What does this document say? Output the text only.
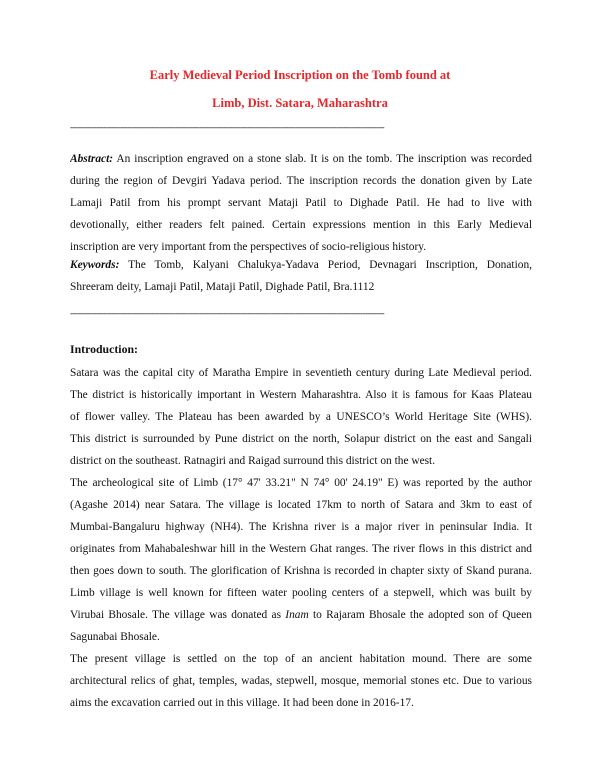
Early Medieval Period Inscription on the Tomb found at
Limb, Dist. Satara, Maharashtra
-----------------------------------------------------------------------------------------------------------------------------------
Abstract: An inscription engraved on a stone slab. It is on the tomb. The inscription was recorded
during the region of Devgiri Yadava period. The inscription records the donation given by Late
Lamaji Patil from his prompt servant Mataji Patil to Dighade Patil. He had to live with
devotionally, either readers felt pained. Certain expressions mention in this Early Medieval
inscription are very important from the perspectives of socio-religious history.
Keywords: The Tomb, Kalyani Chalukya-Yadava Period, Devnagari Inscription, Donation,
Shreeram deity, Lamaji Patil, Mataji Patil, Dighade Patil, Bra.1112
-----------------------------------------------------------------------------------------------------------------------------------
Introduction:
Satara was the capital city of Maratha Empire in seventieth century during Late Medieval period.
The district is historically important in Western Maharashtra. Also it is famous for Kaas Plateau
of flower valley. The Plateau has been awarded by a UNESCO’s World Heritage Site (WHS).
This district is surrounded by Pune district on the north, Solapur district on the east and Sangali
district on the southeast. Ratnagiri and Raigad surround this district on the west.
The archeological site of Limb (17° 47' 33.21" N 74° 00' 24.19" E) was reported by the author
(Agashe 2014) near Satara. The village is located 17km to north of Satara and 3km to east of
Mumbai-Bangaluru highway (NH4). The Krishna river is a major river in peninsular India. It
originates from Mahabaleshwar hill in the Western Ghat ranges. The river flows in this district and
then goes down to south. The glorification of Krishna is recorded in chapter sixty of Skand purana.
Limb village is well known for fifteen water pooling centers of a stepwell, which was built by
Virubai Bhosale. The village was donated as Inam to Rajaram Bhosale the adopted son of Queen
Sagunabai Bhosale.
The present village is settled on the top of an ancient habitation mound. There are some
architectural relics of ghat, temples, wadas, stepwell, mosque, memorial stones etc. Due to various
aims the excavation carried out in this village. It had been done in 2016-17.
